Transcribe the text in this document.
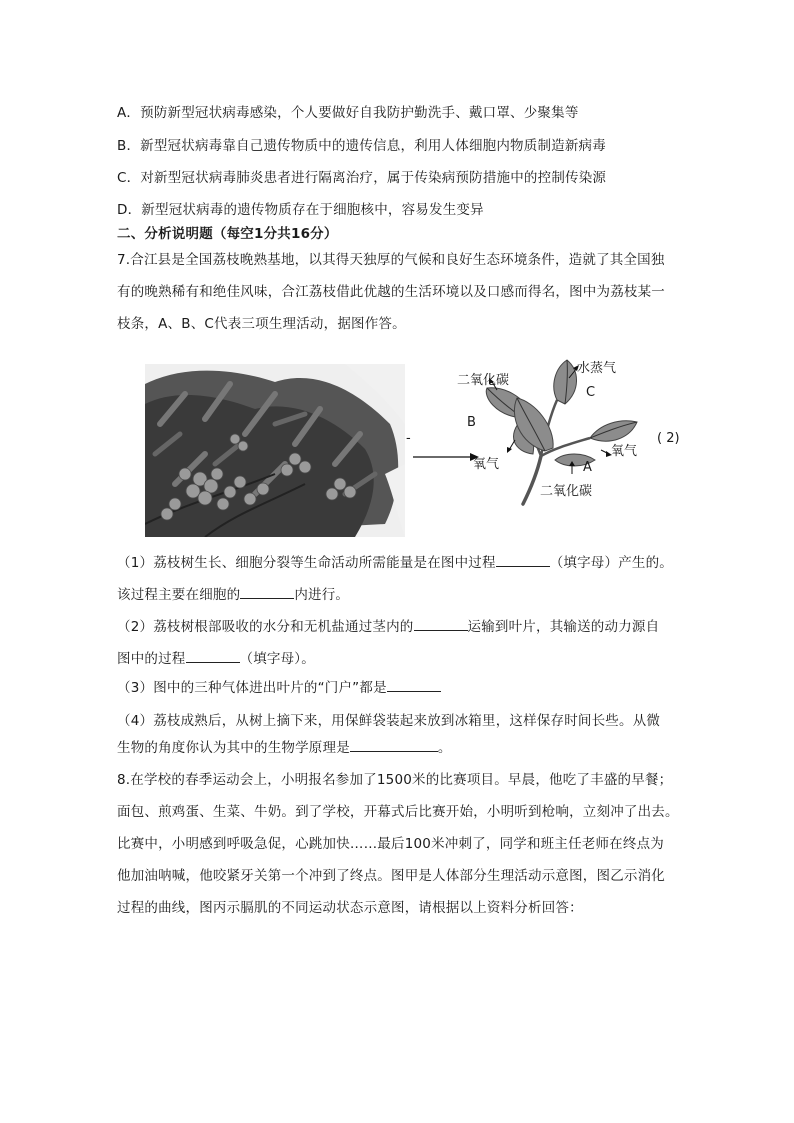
A．预防新型冠状病毒感染，个人要做好自我防护勤洗手、戴口罩、少聚集等
B．新型冠状病毒靠自己遗传物质中的遗传信息，利用人体细胞内物质制造新病毒
C．对新型冠状病毒肺炎患者进行隔离治疗，属于传染病预防措施中的控制传染源
D．新型冠状病毒的遗传物质存在于细胞核中，容易发生变异
二、分析说明题（每空1分共16分）
7.合江县是全国荔枝晚熟基地，以其得天独厚的气候和良好生态环境条件，造就了其全国独
有的晚熟稀有和绝佳风味，合江荔枝借此优越的生活环境以及口感而得名，图中为荔枝某一
枝条，A、B、C代表三项生理活动，据图作答。
-
二氧化碳
水蒸气
C
B
氧气
氧气
A
二氧化碳
( 2)
（1）荔枝树生长、细胞分裂等生命活动所需能量是在图中过程	（填字母）产生的。
该过程主要在细胞的	内进行。
（2）荔枝树根部吸收的水分和无机盐通过茎内的	运输到叶片，其输送的动力源自
图中的过程	（填字母）。
（3）图中的三种气体进出叶片的“门户”都是
（4）荔枝成熟后，从树上摘下来，用保鲜袋装起来放到冰箱里，这样保存时间长些。从微
生物的角度你认为其中的生物学原理是	。
8.在学校的春季运动会上，小明报名参加了1500米的比赛项目。早晨，他吃了丰盛的早餐；
面包、煎鸡蛋、生菜、牛奶。到了学校，开幕式后比赛开始，小明听到枪响，立刻冲了出去。
比赛中，小明感到呼吸急促，心跳加快……最后100米冲刺了，同学和班主任老师在终点为
他加油呐喊，他咬紧牙关第一个冲到了终点。图甲是人体部分生理活动示意图，图乙示消化
过程的曲线，图丙示膈肌的不同运动状态示意图，请根据以上资料分析回答：
